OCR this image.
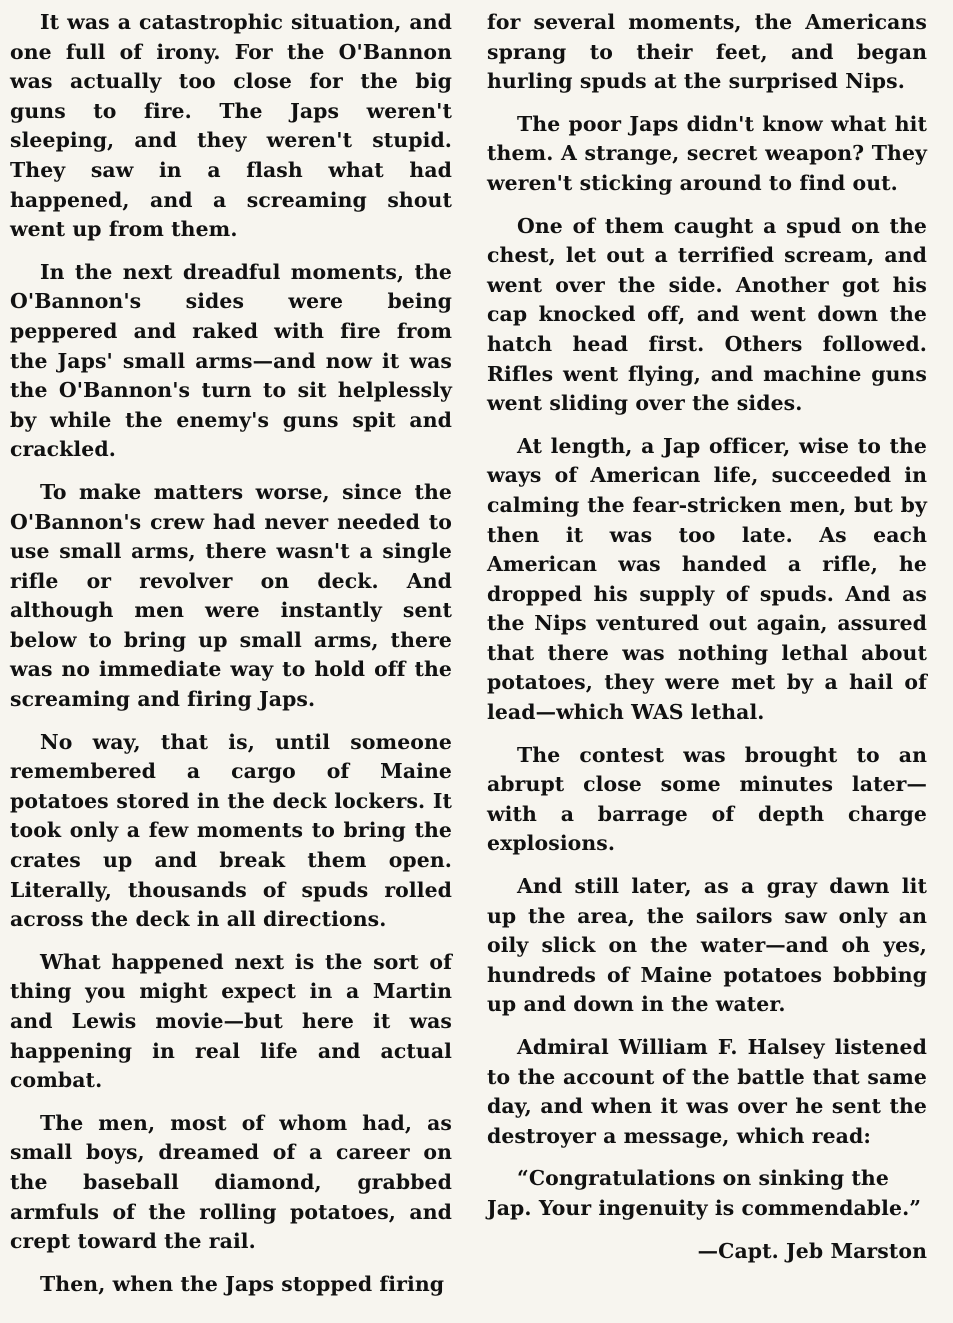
It was a catastrophic situation, and one full of irony. For the O'Bannon was actually too close for the big guns to fire. The Japs weren't sleeping, and they weren't stupid. They saw in a flash what had happened, and a screaming shout went up from them.

In the next dreadful moments, the O'Bannon's sides were being peppered and raked with fire from the Japs' small arms—and now it was the O'Bannon's turn to sit helplessly by while the enemy's guns spit and crackled.

To make matters worse, since the O'Bannon's crew had never needed to use small arms, there wasn't a single rifle or revolver on deck. And although men were instantly sent below to bring up small arms, there was no immediate way to hold off the screaming and firing Japs.

No way, that is, until someone remembered a cargo of Maine potatoes stored in the deck lockers. It took only a few moments to bring the crates up and break them open. Literally, thousands of spuds rolled across the deck in all directions.

What happened next is the sort of thing you might expect in a Martin and Lewis movie—but here it was happening in real life and actual combat.

The men, most of whom had, as small boys, dreamed of a career on the baseball diamond, grabbed armfuls of the rolling potatoes, and crept toward the rail.

Then, when the Japs stopped firing

for several moments, the Americans sprang to their feet, and began hurling spuds at the surprised Nips.

The poor Japs didn't know what hit them. A strange, secret weapon? They weren't sticking around to find out.

One of them caught a spud on the chest, let out a terrified scream, and went over the side. Another got his cap knocked off, and went down the hatch head first. Others followed. Rifles went flying, and machine guns went sliding over the sides.

At length, a Jap officer, wise to the ways of American life, succeeded in calming the fear-stricken men, but by then it was too late. As each American was handed a rifle, he dropped his supply of spuds. And as the Nips ventured out again, assured that there was nothing lethal about potatoes, they were met by a hail of lead—which WAS lethal.

The contest was brought to an abrupt close some minutes later—with a barrage of depth charge explosions.

And still later, as a gray dawn lit up the area, the sailors saw only an oily slick on the water—and oh yes, hundreds of Maine potatoes bobbing up and down in the water.

Admiral William F. Halsey listened to the account of the battle that same day, and when it was over he sent the destroyer a message, which read:

“Congratulations on sinking the Jap. Your ingenuity is commendable.”

—Capt. Jeb Marston
